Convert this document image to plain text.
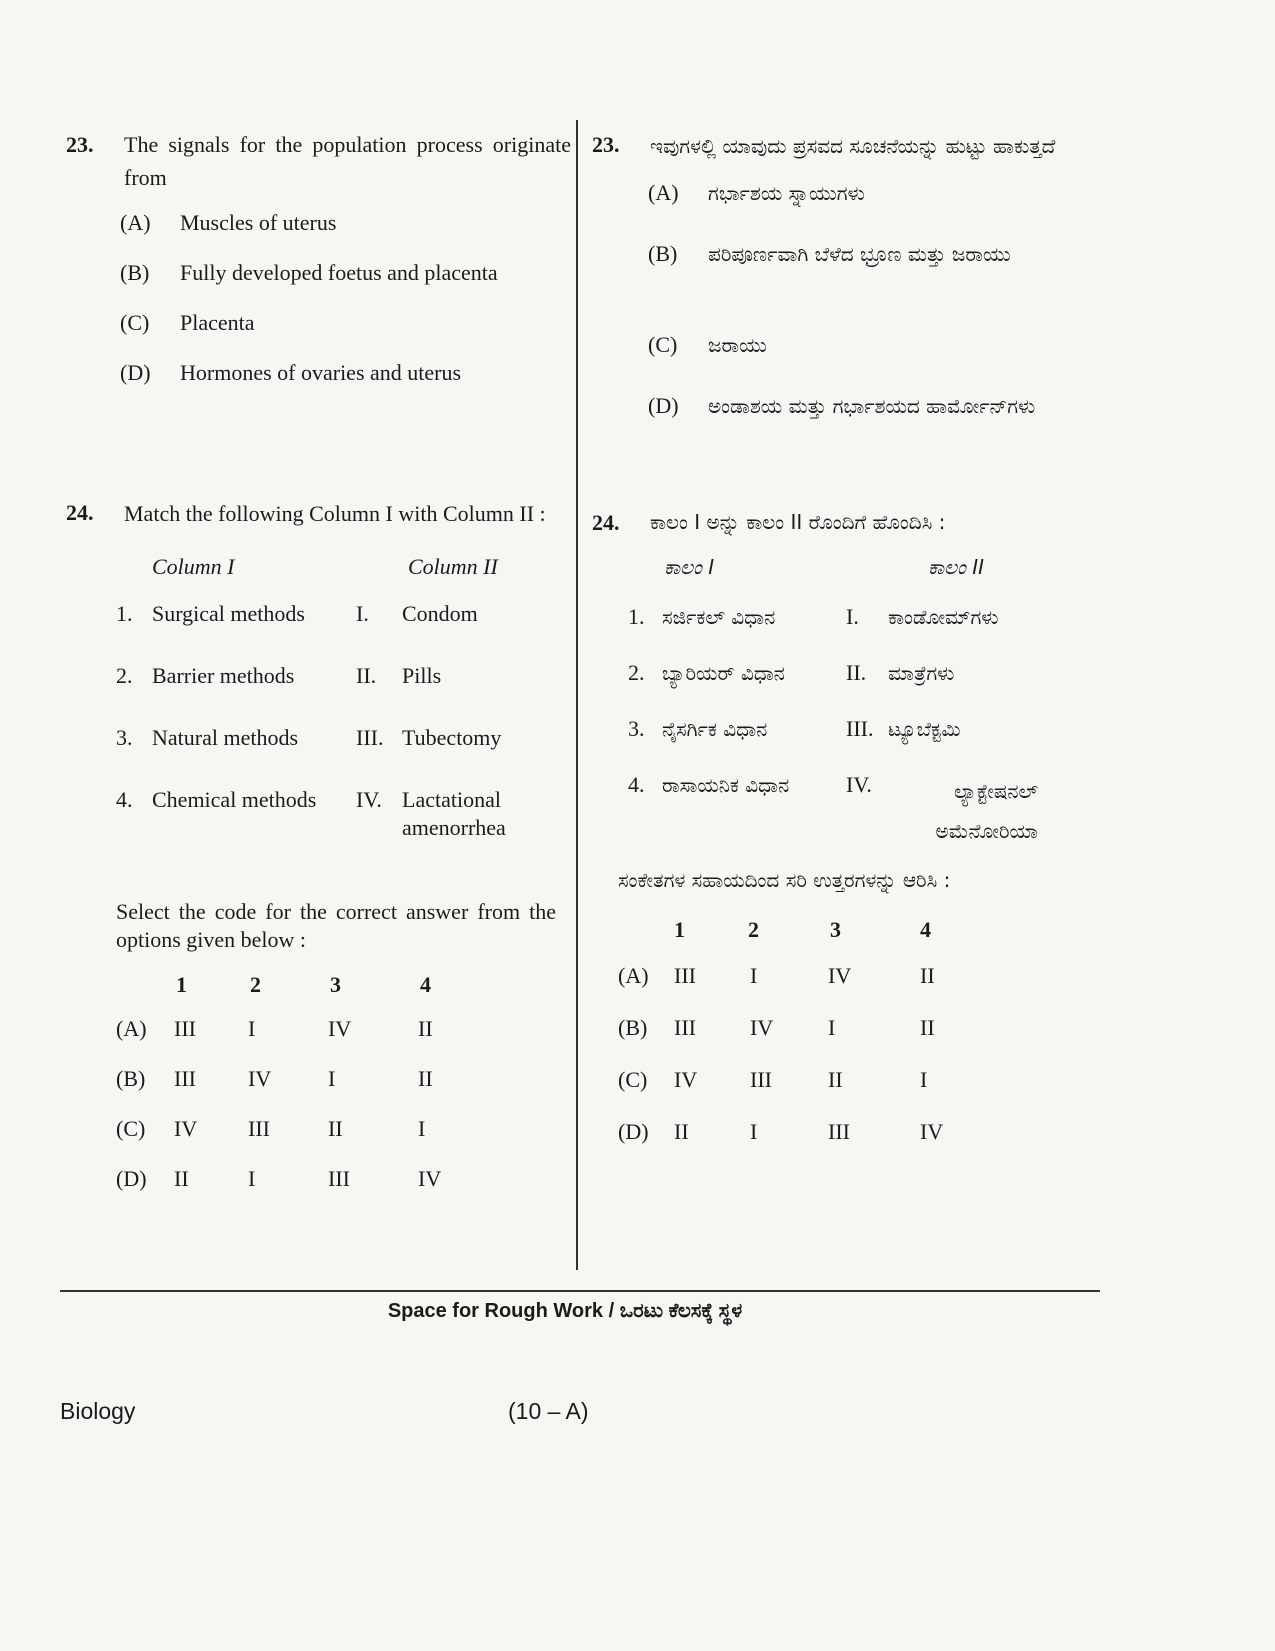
23.	The signals for the population process originate from
(A)	Muscles of uterus
(B)	Fully developed foetus and placenta
(C)	Placenta
(D)	Hormones of ovaries and uterus
24.	Match the following Column I with Column II :
Column I	Column II
1. Surgical methods I. Condom
2. Barrier methods	II. Pills
3. Natural methods	III. Tubectomy
4. Chemical methods IV. Lactational amenorrhea
Select the code for the correct answer from the options given below :
1	2	3	4
(A) III I	IV	II
(B) III IV	I	II
(C) IV III	II	I
(D) II	I	III	IV
23.	ಇವುಗಳಲ್ಲಿ ಯಾವುದು ಪ್ರಸವದ ಸೂಚನೆಯನ್ನು ಹುಟ್ಟು ಹಾಕುತ್ತದೆ
(A)	ಗರ್ಭಾಶಯ ಸ್ನಾಯುಗಳು
(B)	ಪರಿಪೂರ್ಣವಾಗಿ ಬೆಳೆದ ಭ್ರೂಣ ಮತ್ತು ಜರಾಯು
(C)	ಜರಾಯು
(D)	ಅಂಡಾಶಯ ಮತ್ತು ಗರ್ಭಾಶಯದ ಹಾರ್ಮೋನ್‌ಗಳು
24.	ಕಾಲಂ I ಅನ್ನು ಕಾಲಂ II ರೊಂದಿಗೆ ಹೊಂದಿಸಿ :
ಕಾಲಂ I	ಕಾಲಂ II
1. ಸರ್ಜಿಕಲ್ ವಿಧಾನ	I. ಕಾಂಡೋಮ್‌ಗಳು
2. ಬ್ಯಾರಿಯರ್ ವಿಧಾನ	II. ಮಾತ್ರೆಗಳು
3. ನೈಸರ್ಗಿಕ ವಿಧಾನ	III. ಟ್ಯೂಬೆಕ್ಟಮಿ
4. ರಾಸಾಯನಿಕ ವಿಧಾನ	IV.	ಲ್ಯಾಕ್ಟೇಷನಲ್ ಅಮೆನೋರಿಯಾ
ಸಂಕೇತಗಳ ಸಹಾಯದಿಂದ ಸರಿ ಉತ್ತರಗಳನ್ನು ಆರಿಸಿ :
1	2	3	4
(A) III I	IV	II
(B) III IV I	II
(C) IV III	II	I
(D) II	I	III	IV
Space for Rough Work / ಒರಟು ಕೆಲಸಕ್ಕೆ ಸ್ಥಳ
Biology	(10 – A)
